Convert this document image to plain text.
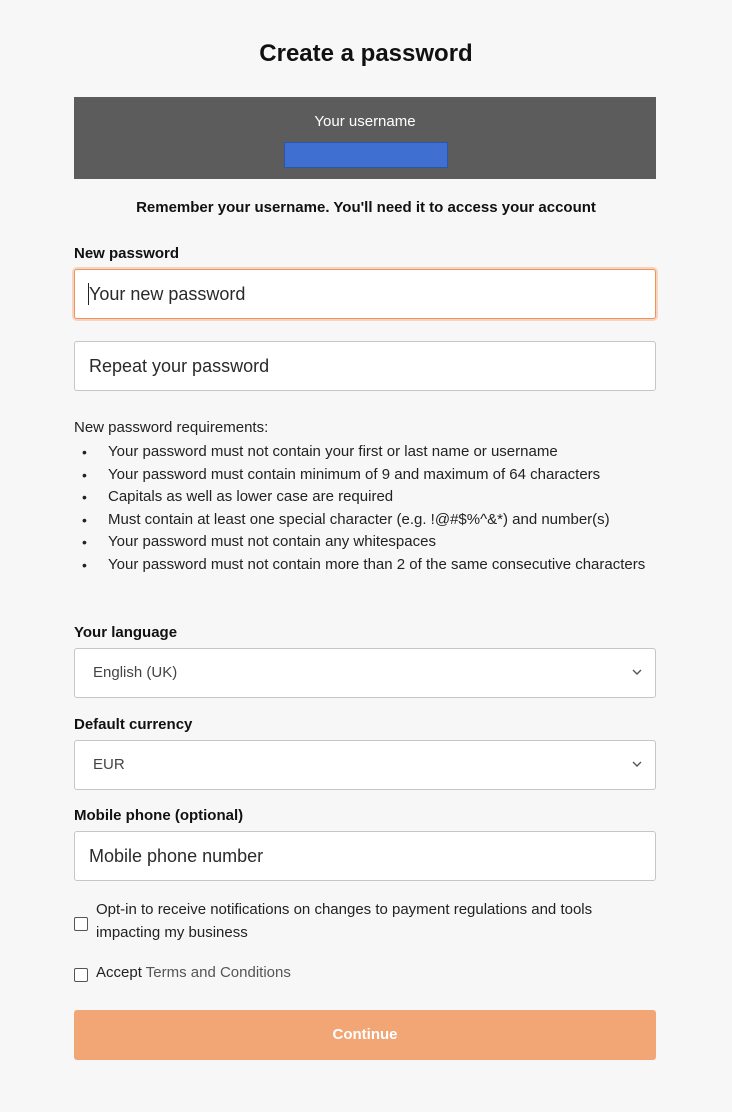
Create a password
Your username
Remember your username. You'll need it to access your account
New password
New password requirements:
• Your password must not contain your first or last name or username
• Your password must contain minimum of 9 and maximum of 64 characters
• Capitals as well as lower case are required
• Must contain at least one special character (e.g. !@#$%^&*) and number(s)
• Your password must not contain any whitespaces
• Your password must not contain more than 2 of the same consecutive characters
Your language
English (UK)
Default currency
EUR
Mobile phone (optional)
Mobile phone number
Opt-in to receive notifications on changes to payment regulations and tools impacting my business
Accept Terms and Conditions
Continue
